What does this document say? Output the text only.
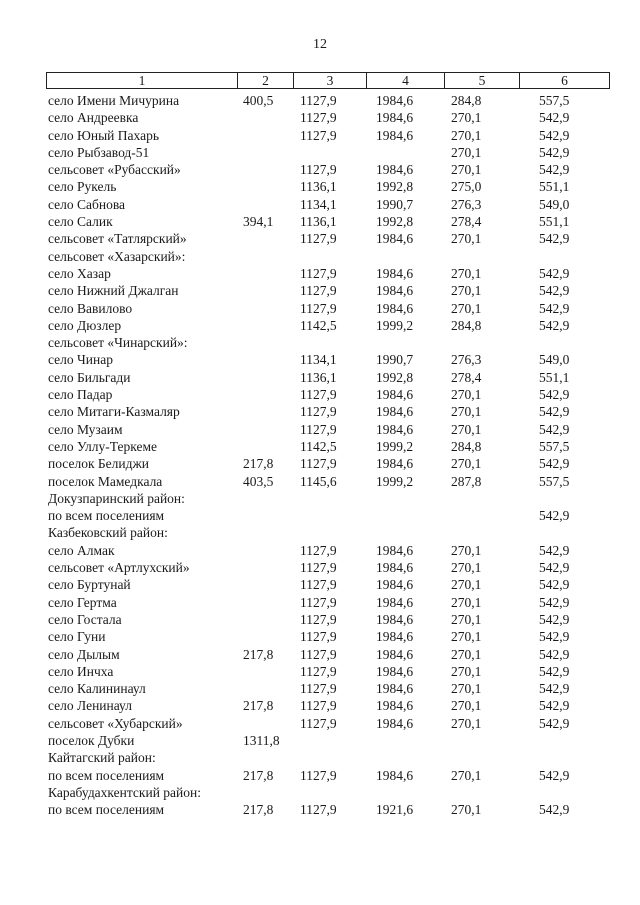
12
1	2	3	4	5	6
село Имени Мичурина	400,5	1127,9	1984,6	284,8	557,5
село Андреевка		1127,9	1984,6	270,1	542,9
село Юный Пахарь		1127,9	1984,6	270,1	542,9
село Рыбзавод-51				270,1	542,9
сельсовет «Рубасский»		1127,9	1984,6	270,1	542,9
село Рукель		1136,1	1992,8	275,0	551,1
село Сабнова		1134,1	1990,7	276,3	549,0
село Салик	394,1	1136,1	1992,8	278,4	551,1
сельсовет «Татлярский»		1127,9	1984,6	270,1	542,9
сельсовет «Хазарский»:					
село Хазар		1127,9	1984,6	270,1	542,9
село Нижний Джалган		1127,9	1984,6	270,1	542,9
село Вавилово		1127,9	1984,6	270,1	542,9
село Дюзлер		1142,5	1999,2	284,8	542,9
сельсовет «Чинарский»:					
село Чинар		1134,1	1990,7	276,3	549,0
село Бильгади		1136,1	1992,8	278,4	551,1
село Падар		1127,9	1984,6	270,1	542,9
село Митаги-Казмаляр		1127,9	1984,6	270,1	542,9
село Музаим		1127,9	1984,6	270,1	542,9
село Уллу-Теркеме		1142,5	1999,2	284,8	557,5
поселок Белиджи	217,8	1127,9	1984,6	270,1	542,9
поселок Мамедкала	403,5	1145,6	1999,2	287,8	557,5
Докузпаринский район:					
по всем поселениям					542,9
Казбековский район:					
село Алмак		1127,9	1984,6	270,1	542,9
сельсовет «Артлухский»		1127,9	1984,6	270,1	542,9
село Буртунай		1127,9	1984,6	270,1	542,9
село Гертма		1127,9	1984,6	270,1	542,9
село Гостала		1127,9	1984,6	270,1	542,9
село Гуни		1127,9	1984,6	270,1	542,9
село Дылым	217,8	1127,9	1984,6	270,1	542,9
село Инчха		1127,9	1984,6	270,1	542,9
село Калининаул		1127,9	1984,6	270,1	542,9
село Ленинаул	217,8	1127,9	1984,6	270,1	542,9
сельсовет «Хубарский»		1127,9	1984,6	270,1	542,9
поселок Дубки	1311,8				
Кайтагский район:					
по всем поселениям	217,8	1127,9	1984,6	270,1	542,9
Карабудахкентский район:					
по всем поселениям	217,8	1127,9	1921,6	270,1	542,9
